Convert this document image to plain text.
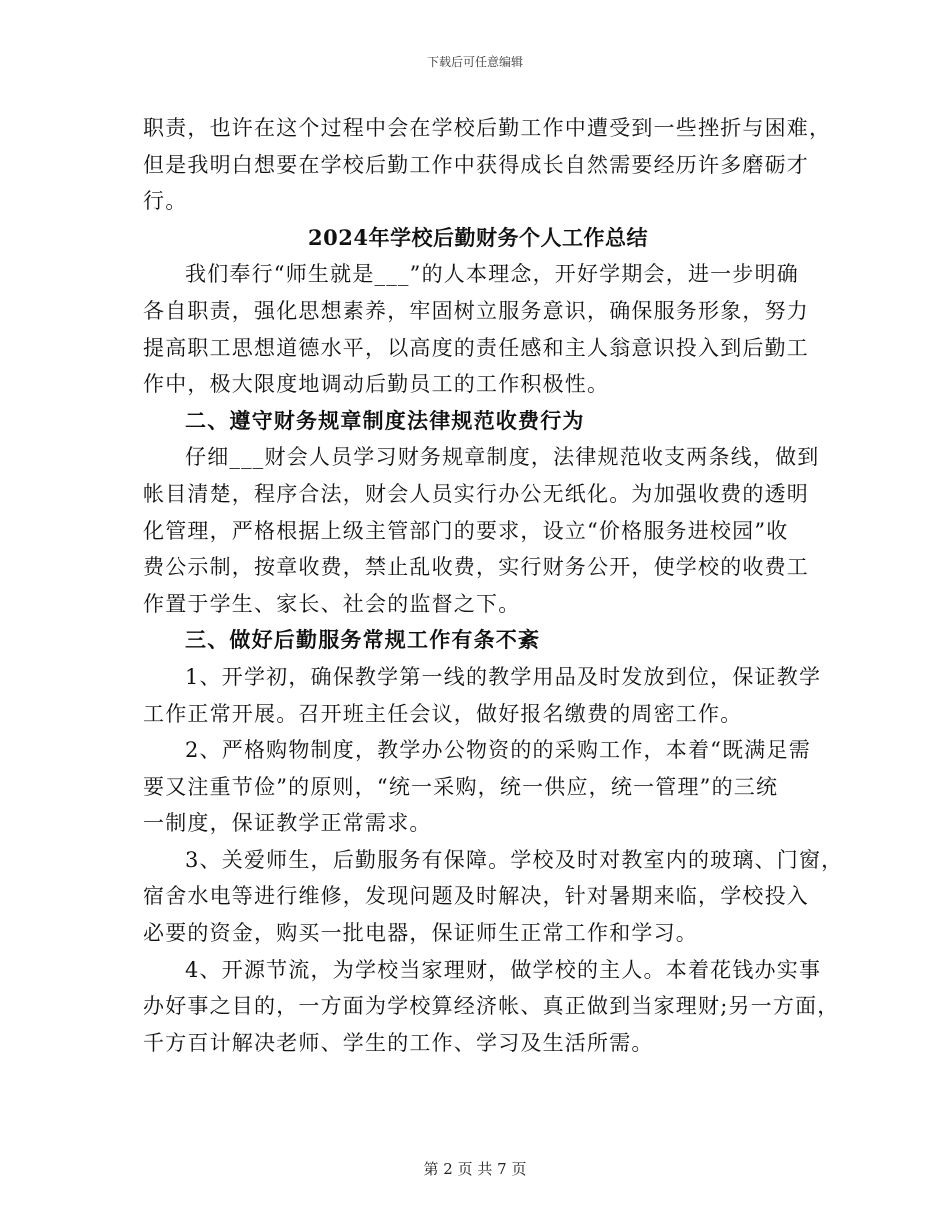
下载后可任意编辑
职责，也许在这个过程中会在学校后勤工作中遭受到一些挫折与困难，
但是我明白想要在学校后勤工作中获得成长自然需要经历许多磨砺才
行。
2024年学校后勤财务个人工作总结
我们奉行“师生就是___”的人本理念，开好学期会，进一步明确
各自职责，强化思想素养，牢固树立服务意识，确保服务形象，努力
提高职工思想道德水平，以高度的责任感和主人翁意识投入到后勤工
作中，极大限度地调动后勤员工的工作积极性。
二、遵守财务规章制度法律规范收费行为
仔细___财会人员学习财务规章制度，法律规范收支两条线，做到
帐目清楚，程序合法，财会人员实行办公无纸化。为加强收费的透明
化管理，严格根据上级主管部门的要求，设立“价格服务进校园”收
费公示制，按章收费，禁止乱收费，实行财务公开，使学校的收费工
作置于学生、家长、社会的监督之下。
三、做好后勤服务常规工作有条不紊
1、开学初，确保教学第一线的教学用品及时发放到位，保证教学
工作正常开展。召开班主任会议，做好报名缴费的周密工作。
2、严格购物制度，教学办公物资的的采购工作，本着“既满足需
要又注重节俭”的原则，“统一采购，统一供应，统一管理”的三统
一制度，保证教学正常需求。
3、关爱师生，后勤服务有保障。学校及时对教室内的玻璃、门窗，
宿舍水电等进行维修，发现问题及时解决，针对暑期来临，学校投入
必要的资金，购买一批电器，保证师生正常工作和学习。
4、开源节流，为学校当家理财，做学校的主人。本着花钱办实事
办好事之目的，一方面为学校算经济帐、真正做到当家理财;另一方面，
千方百计解决老师、学生的工作、学习及生活所需。
第 2 页 共 7 页
